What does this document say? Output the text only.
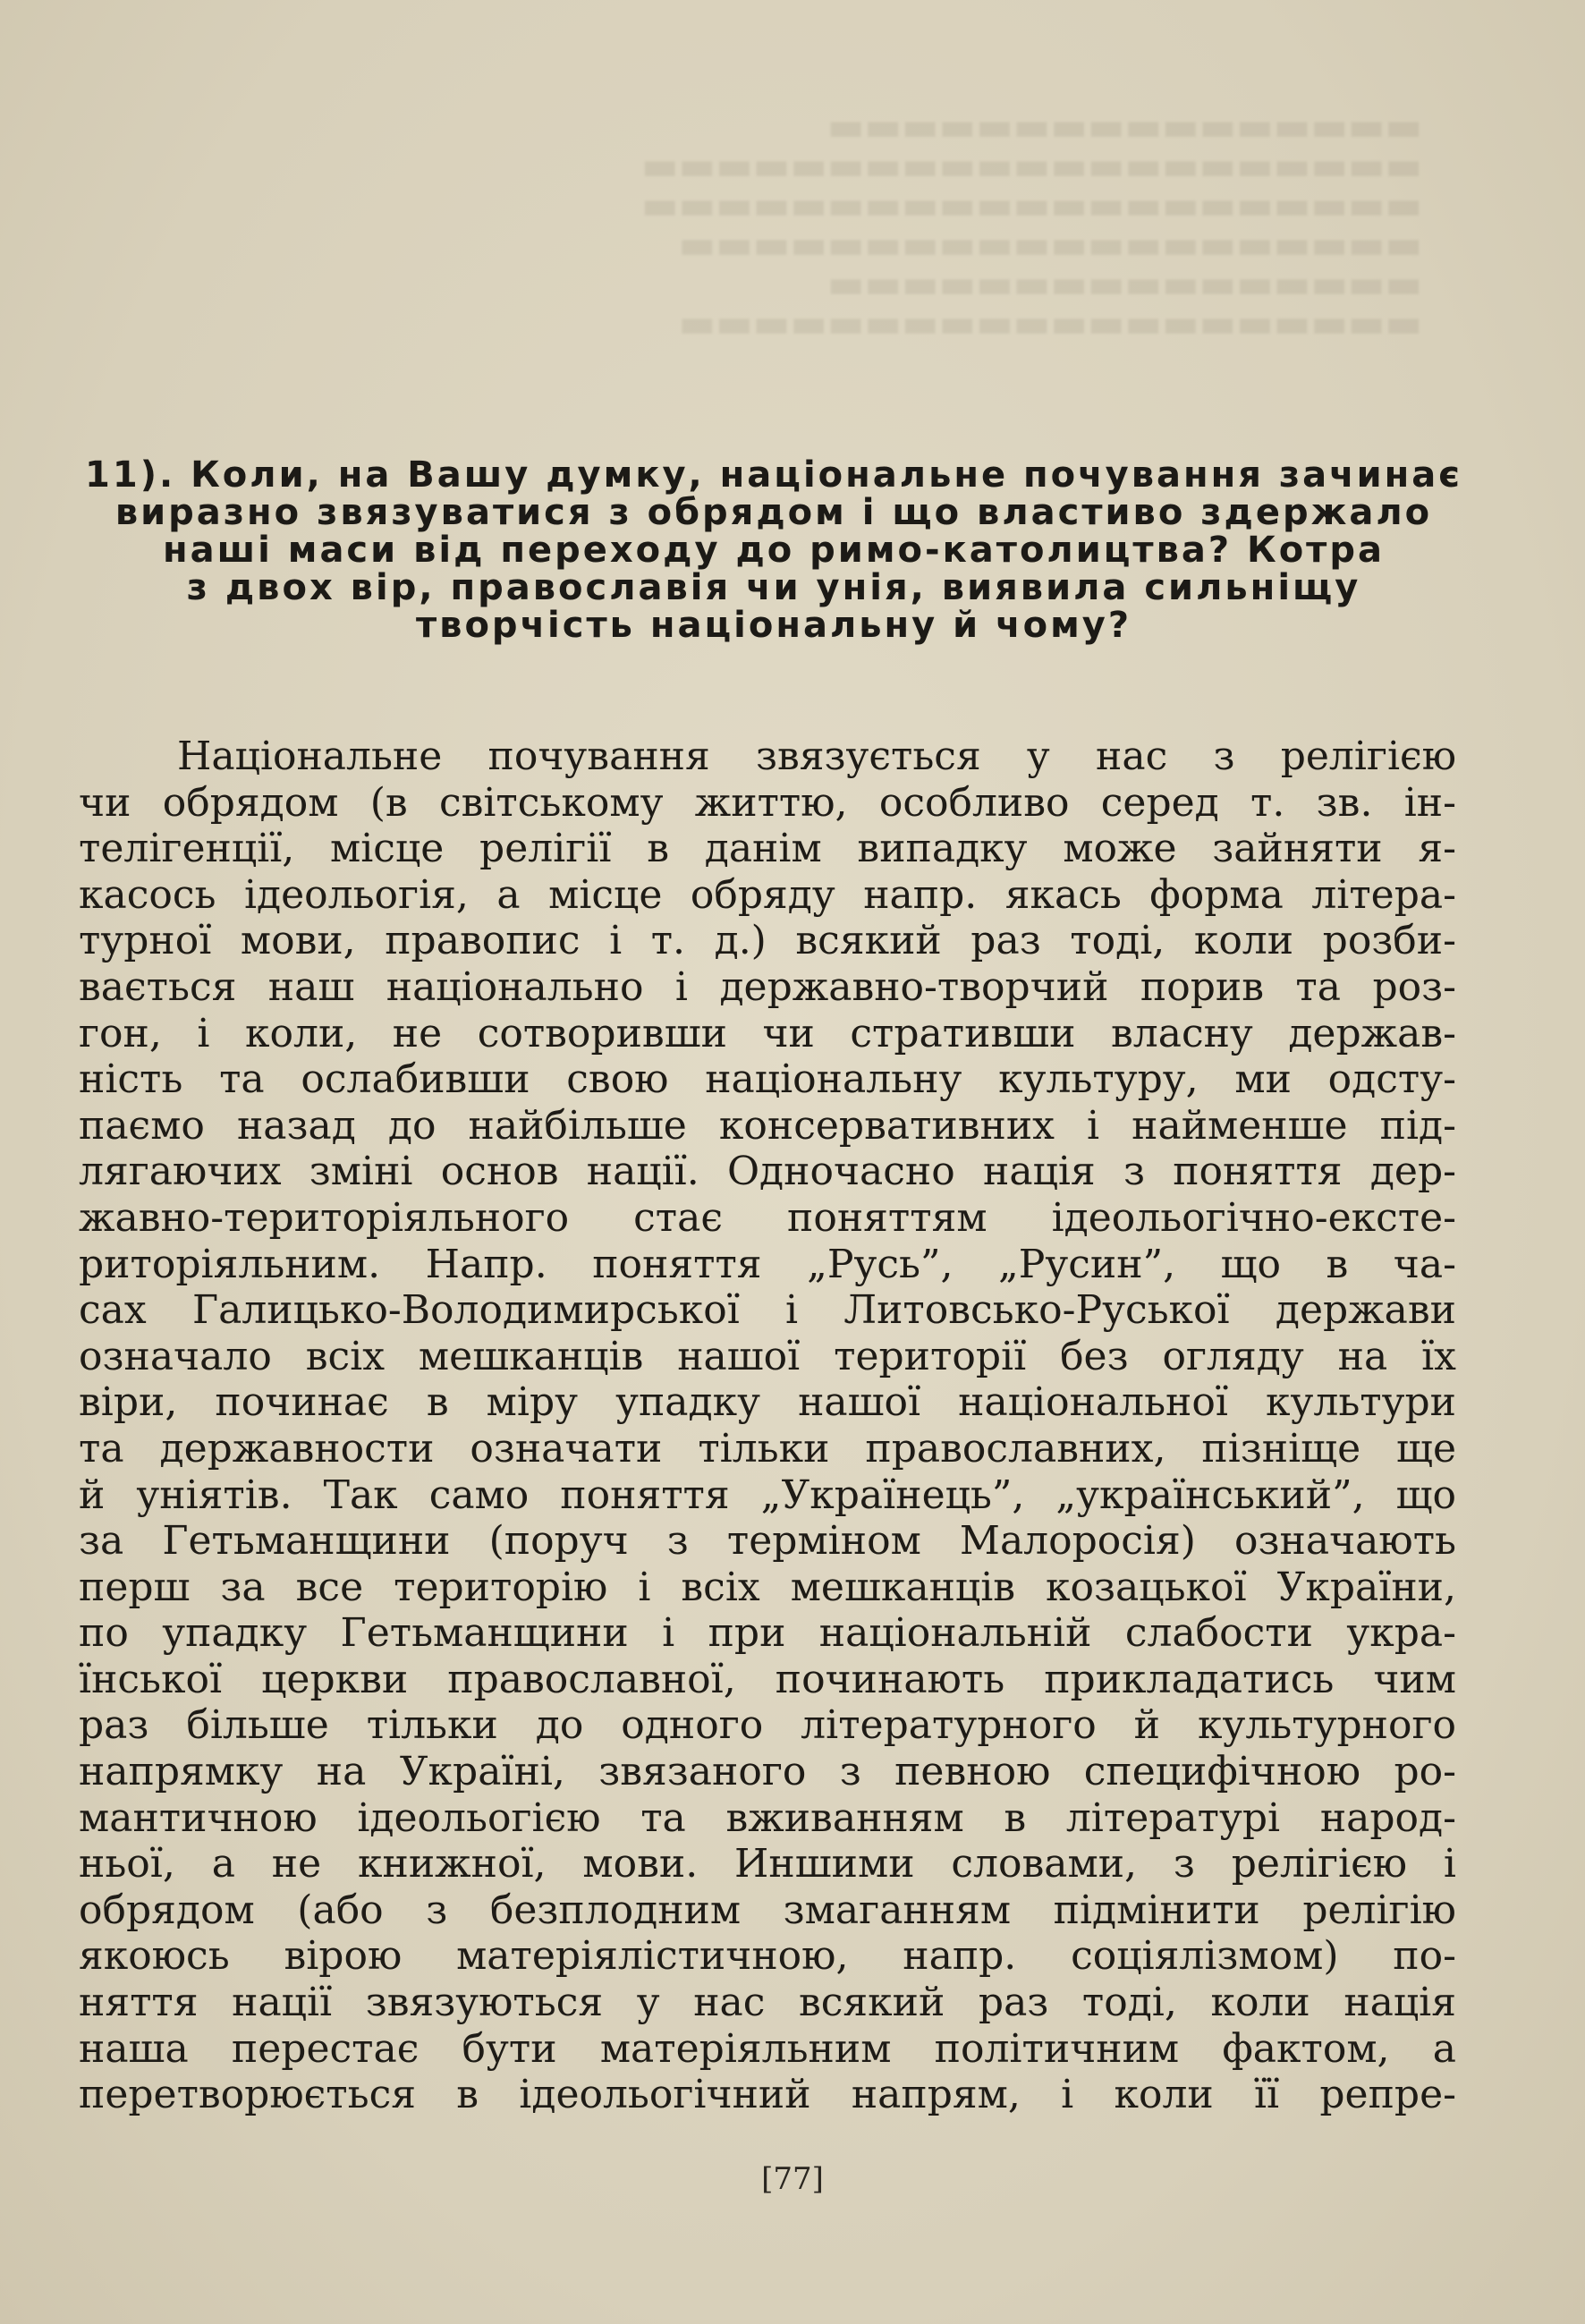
▬▬▬▬▬▬▬▬▬▬▬▬▬▬▬▬
▬▬▬▬▬▬▬▬▬▬▬▬▬▬▬▬▬▬▬▬▬
▬▬▬▬▬▬▬▬▬▬▬▬▬▬▬▬▬▬▬▬▬
▬▬▬▬▬▬▬▬▬▬▬▬▬▬▬▬▬▬▬▬
▬▬▬▬▬▬▬▬▬▬▬▬▬▬▬▬
▬▬▬▬▬▬▬▬▬▬▬▬▬▬▬▬▬▬▬▬
11). Коли, на Вашу думку, національне почування зачинає
виразно звязуватися з обрядом і що властиво здержало
наші маси від переходу до римо-католицтва? Котра
з двох вір, православія чи унія, виявила сильніщу
творчість національну й чому?
Національне почування звязується у нас з релігією
чи обрядом (в світському життю, особливо серед т. зв. ін-
телігенції, місце релігії в данім випадку може зайняти я-
касось ідеольогія, а місце обряду напр. якась форма літера-
турної мови, правопис і т. д.) всякий раз тоді, коли розби-
вається наш національно і державно-творчий порив та роз-
гон, і коли, не сотворивши чи стративши власну держав-
ність та ослабивши свою національну культуру, ми одсту-
паємо назад до найбільше консервативних і найменше під-
лягаючих зміні основ нації. Одночасно нація з поняття дер-
жавно-територіяльного стає поняттям ідеольогічно-екстe-
риторіяльним. Напр. поняття „Русь”, „Русин”, що в ча-
сах Галицько-Володимирської і Литовсько-Руської держави
означало всіх мешканців нашої території без огляду на їх
віри, починає в міру упадку нашої національної культури
та державности означати тільки православних, пізніще ще
й унiятів. Так само поняття „Українець”, „український”, що
за Гетьманщини (поруч з терміном Малоросія) означають
перш за все територію і всіх мешканців козацької України,
по упадку Гетьманщини і при національній слабости укра-
їнської церкви православної, починають прикладатись чим
раз більше тільки до одного літературного й культурного
напрямку на Україні, звязаного з певною специфічною ро-
мантичною ідеольогією та вживанням в літературі народ-
ньої, а не книжної, мови. Иншими словами, з релігією і
обрядом (або з безплодним змаганням підмінити релігію
якоюсь вірою матеріялістичною, напр. соціялізмом) по-
няття нації звязуються у нас всякий раз тоді, коли нація
наша перестає бути матеріяльним політичним фактом, а
перетворюється в ідеольогічний напрям, і коли її репре-
[77]
